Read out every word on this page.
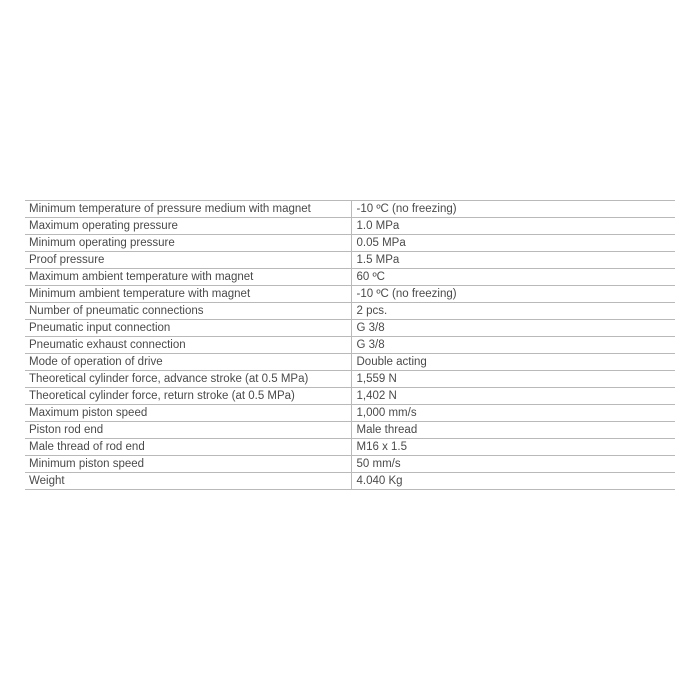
Minimum temperature of pressure medium with magnet	-10 ºC (no freezing)
Maximum operating pressure	1.0 MPa
Minimum operating pressure	0.05 MPa
Proof pressure	1.5 MPa
Maximum ambient temperature with magnet	60 ºC
Minimum ambient temperature with magnet	-10 ºC (no freezing)
Number of pneumatic connections	2 pcs.
Pneumatic input connection	G 3/8
Pneumatic exhaust connection	G 3/8
Mode of operation of drive	Double acting
Theoretical cylinder force, advance stroke (at 0.5 MPa)	1,559 N
Theoretical cylinder force, return stroke (at 0.5 MPa)	1,402 N
Maximum piston speed	1,000 mm/s
Piston rod end	Male thread
Male thread of rod end	M16 x 1.5
Minimum piston speed	50 mm/s
Weight	4.040 Kg
